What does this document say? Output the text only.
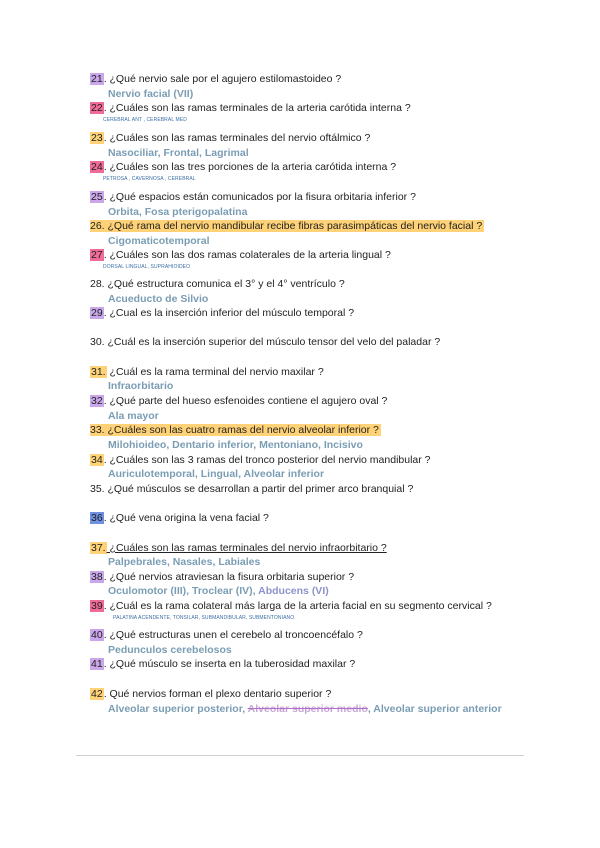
21. ¿Qué nervio sale por el agujero estilomastoideo ?
Nervio facial (VII)
22. ¿Cuáles son las ramas terminales de la arteria carótida interna ?
CEREBRAL ANT , CEREBRAL MED
23. ¿Cuáles son las ramas terminales del nervio oftálmico ?
Nasociliar, Frontal, Lagrimal
24. ¿Cuáles son las tres porciones de la arteria carótida interna ?
PETROSA , CAVERNOSA , CEREBRAL
25. ¿Qué espacios están comunicados por la fisura orbitaria inferior ?
Orbita, Fosa pterigopalatina
26. ¿Qué rama del nervio mandibular recibe fibras parasimpáticas del nervio facial ?
Cigomaticotemporal
27. ¿Cuáles son las dos ramas colaterales de la arteria lingual ?
DORSAL LINGUAL, SUPRAHIOIDEO
28. ¿Qué estructura comunica el 3° y el 4° ventrículo ?
Acueducto de Silvio
29. ¿Cual es la inserción inferior del músculo temporal ?
30. ¿Cuál es la inserción superior del músculo tensor del velo del paladar ?
31. ¿Cuál es la rama terminal del nervio maxilar ?
Infraorbitario
32. ¿Qué parte del hueso esfenoides contiene el agujero oval ?
Ala mayor
33. ¿Cuáles son las cuatro ramas del nervio alveolar inferior ?
Milohioideo, Dentario inferior, Mentoniano, Incisivo
34. ¿Cuáles son las 3 ramas del tronco posterior del nervio mandibular ?
Auriculotemporal, Lingual, Alveolar inferior
35. ¿Qué músculos se desarrollan a partir del primer arco branquial ?
36. ¿Qué vena origina la vena facial ?
37. ¿Cuáles son las ramas terminales del nervio infraorbitario ?
Palpebrales, Nasales, Labiales
38. ¿Qué nervios atraviesan la fisura orbitaria superior ?
Oculomotor (III), Troclear (IV), Abducens (VI)
39. ¿Cuál es la rama colateral más larga de la arteria facial en su segmento cervical ?
PALATINA ACENDENTE, TONSILAR, SUBMANDIBULAR, SUBMENTONIANO
40. ¿Qué estructuras unen el cerebelo al troncoencéfalo ?
Pedunculos cerebelosos
41. ¿Qué músculo se inserta en la tuberosidad maxilar ?
42. Qué nervios forman el plexo dentario superior ?
Alveolar superior posterior, Alveolar superior medio, Alveolar superior anterior
